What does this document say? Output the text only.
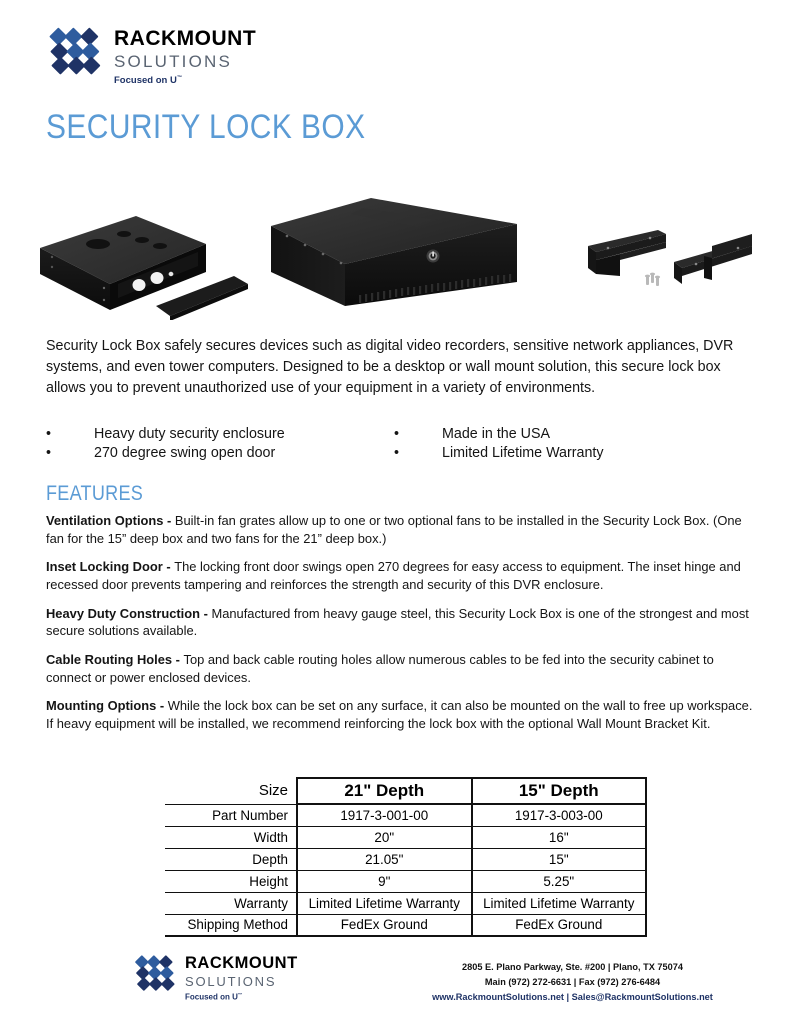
RACKMOUNT
SOLUTIONS
Focused on U™
SECURITY LOCK BOX
Security Lock Box safely secures devices such as digital video recorders, sensitive network appliances, DVR systems, and even tower computers. Designed to be a desktop or wall mount solution, this secure lock box allows you to prevent unauthorized use of your equipment in a variety of environments.
•	Heavy duty security enclosure
•	270 degree swing open door
•	Made in the USA
•	Limited Lifetime Warranty
FEATURES

Ventilation Options - Built-in fan grates allow up to one or two optional fans to be installed in the Security Lock Box. (One fan for the 15” deep box and two fans for the 21” deep box.)

Inset Locking Door - The locking front door swings open 270 degrees for easy access to equipment. The inset hinge and recessed door prevents tampering and reinforces the strength and security of this DVR enclosure.

Heavy Duty Construction - Manufactured from heavy gauge steel, this Security Lock Box is one of the strongest and most secure solutions available.

Cable Routing Holes - Top and back cable routing holes allow numerous cables to be fed into the security cabinet to connect or power enclosed devices.

Mounting Options - While the lock box can be set on any surface, it can also be mounted on the wall to free up workspace. If heavy equipment will be installed, we recommend reinforcing the lock box with the optional Wall Mount Bracket Kit.

Size	21" Depth	15" Depth
Part Number	1917-3-001-00	1917-3-003-00
Width	20"	16"
Depth	21.05"	15"
Height	9"	5.25"
Warranty	Limited Lifetime Warranty	Limited Lifetime Warranty
Shipping Method	FedEx Ground	FedEx Ground
RACKMOUNT
SOLUTIONS
Focused on U™
2805 E. Plano Parkway, Ste. #200 | Plano, TX 75074
Main (972) 272-6631 | Fax (972) 276-6484
www.RackmountSolutions.net | Sales@RackmountSolutions.net
